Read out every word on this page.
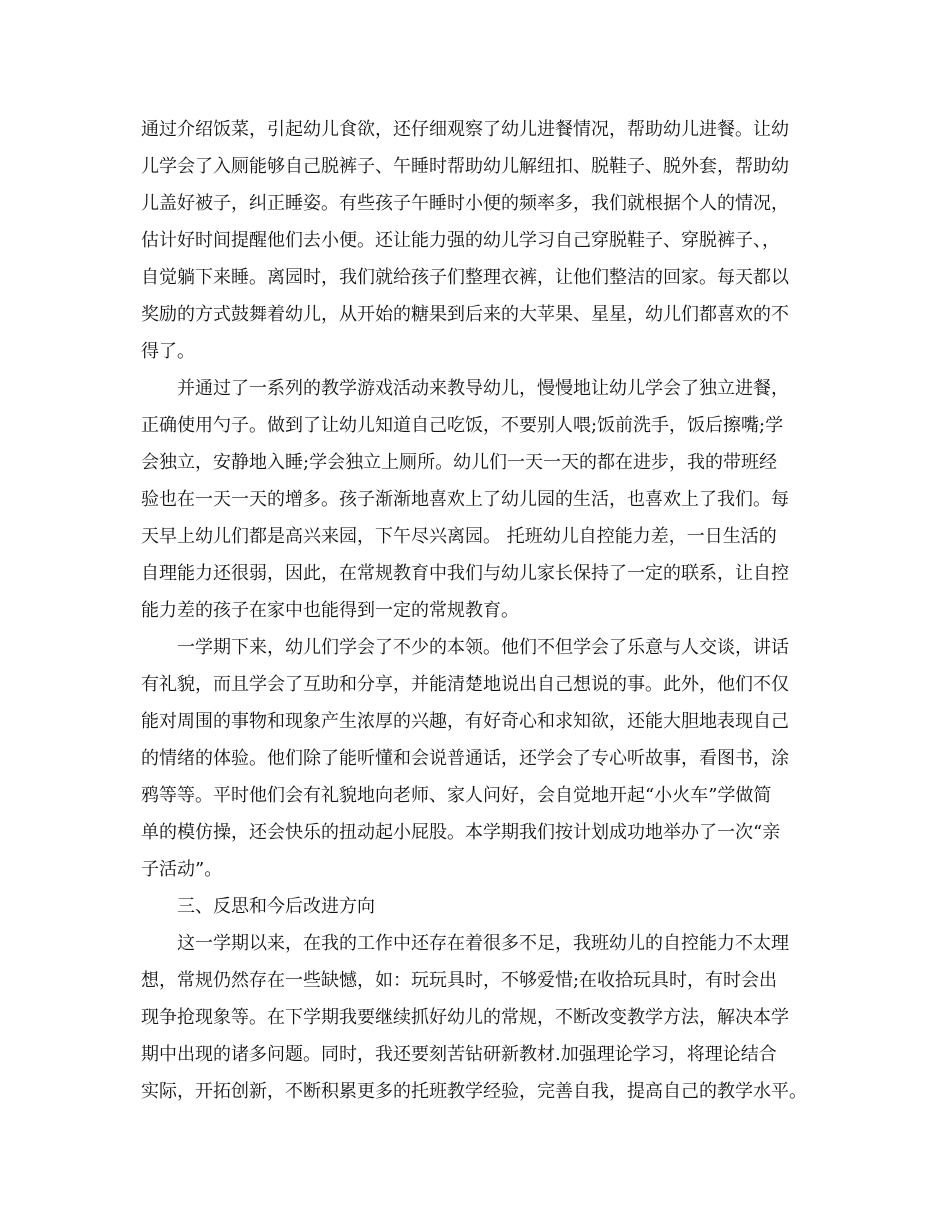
通过介绍饭菜，引起幼儿食欲，还仔细观察了幼儿进餐情况，帮助幼儿进餐。让幼
儿学会了入厕能够自己脱裤子、午睡时帮助幼儿解纽扣、脱鞋子、脱外套，帮助幼
儿盖好被子，纠正睡姿。有些孩子午睡时小便的频率多，我们就根据个人的情况，
估计好时间提醒他们去小便。还让能力强的幼儿学习自己穿脱鞋子、穿脱裤子、，
自觉躺下来睡。离园时，我们就给孩子们整理衣裤，让他们整洁的回家。每天都以
奖励的方式鼓舞着幼儿，从开始的糖果到后来的大苹果、星星，幼儿们都喜欢的不
得了。
并通过了一系列的教学游戏活动来教导幼儿，慢慢地让幼儿学会了独立进餐，
正确使用勺子。做到了让幼儿知道自己吃饭，不要别人喂;饭前洗手，饭后擦嘴;学
会独立，安静地入睡;学会独立上厕所。幼儿们一天一天的都在进步，我的带班经
验也在一天一天的增多。孩子渐渐地喜欢上了幼儿园的生活，也喜欢上了我们。每
天早上幼儿们都是高兴来园，下午尽兴离园。 托班幼儿自控能力差，一日生活的
自理能力还很弱，因此，在常规教育中我们与幼儿家长保持了一定的联系，让自控
能力差的孩子在家中也能得到一定的常规教育。
一学期下来，幼儿们学会了不少的本领。他们不但学会了乐意与人交谈，讲话
有礼貌，而且学会了互助和分享，并能清楚地说出自己想说的事。此外，他们不仅
能对周围的事物和现象产生浓厚的兴趣，有好奇心和求知欲，还能大胆地表现自己
的情绪的体验。他们除了能听懂和会说普通话，还学会了专心听故事，看图书，涂
鸦等等。平时他们会有礼貌地向老师、家人问好，会自觉地开起“小火车”学做简
单的模仿操，还会快乐的扭动起小屁股。本学期我们按计划成功地举办了一次“亲
子活动”。
三、反思和今后改进方向
这一学期以来，在我的工作中还存在着很多不足，我班幼儿的自控能力不太理
想，常规仍然存在一些缺憾，如：玩玩具时，不够爱惜;在收拾玩具时，有时会出
现争抢现象等。在下学期我要继续抓好幼儿的常规，不断改变教学方法，解决本学
期中出现的诸多问题。同时，我还要刻苦钻研新教材.加强理论学习，将理论结合
实际，开拓创新，不断积累更多的托班教学经验，完善自我，提高自己的教学水平。
